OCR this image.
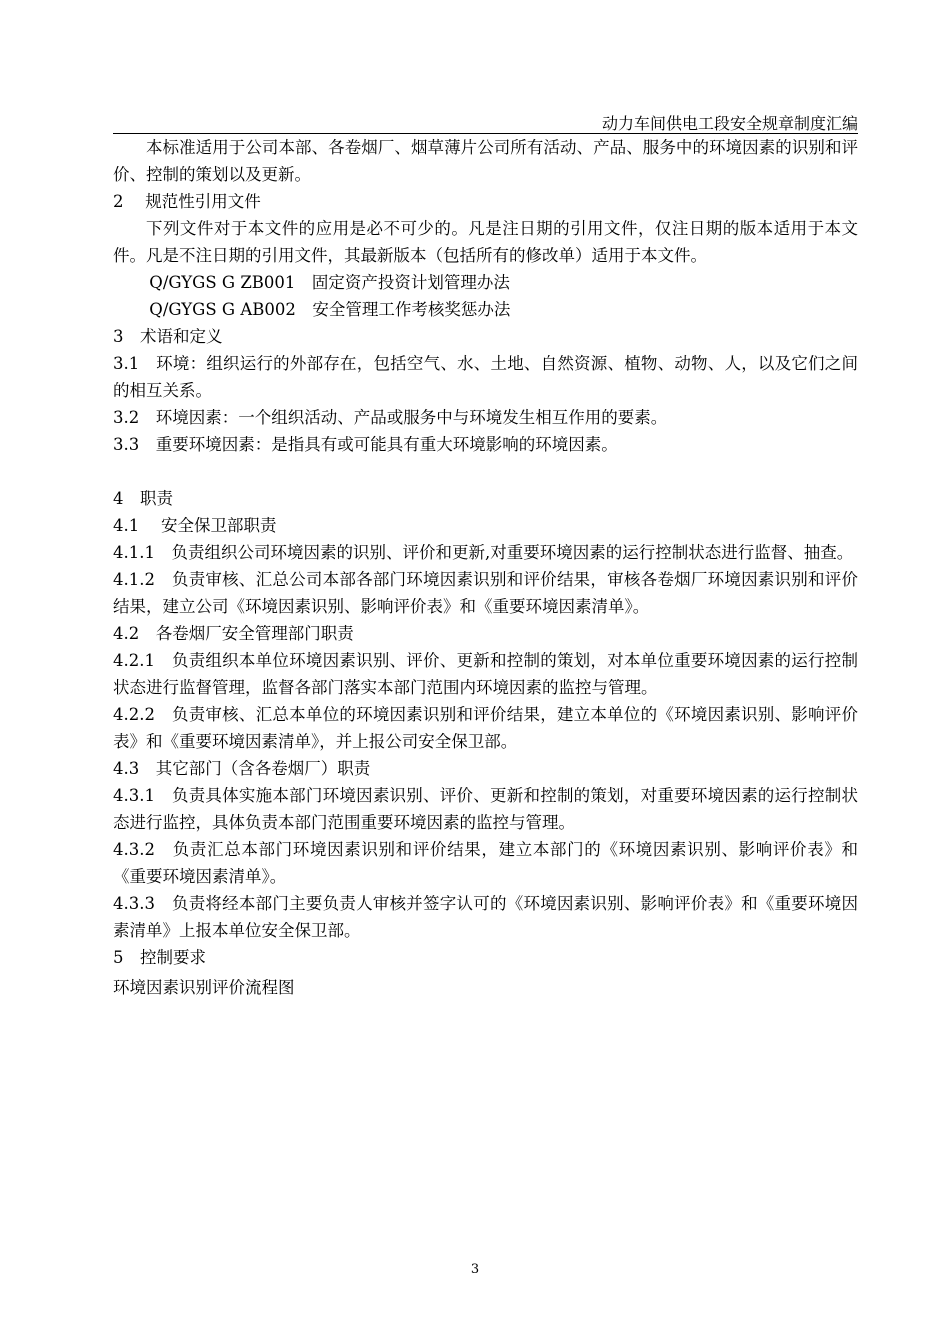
动力车间供电工段安全规章制度汇编

本标准适用于公司本部、各卷烟厂、烟草薄片公司所有活动、产品、服务中的环境因素的识别和评价、控制的策划以及更新。

2　 规范性引用文件

下列文件对于本文件的应用是必不可少的。凡是注日期的引用文件，仅注日期的版本适用于本文件。凡是不注日期的引用文件，其最新版本（包括所有的修改单）适用于本文件。

Q/GYGS G ZB001　固定资产投资计划管理办法

Q/GYGS G AB002　安全管理工作考核奖惩办法

3　术语和定义

3.1　环境：组织运行的外部存在，包括空气、水、土地、自然资源、植物、动物、人，以及它们之间的相互关系。

3.2　环境因素：一个组织活动、产品或服务中与环境发生相互作用的要素。

3.3　重要环境因素：是指具有或可能具有重大环境影响的环境因素。

4　职责

4.1　 安全保卫部职责

4.1.1　负责组织公司环境因素的识别、评价和更新,对重要环境因素的运行控制状态进行监督、抽查。

4.1.2　负责审核、汇总公司本部各部门环境因素识别和评价结果，审核各卷烟厂环境因素识别和评价结果，建立公司《环境因素识别、影响评价表》和《重要环境因素清单》。

4.2　各卷烟厂安全管理部门职责

4.2.1　负责组织本单位环境因素识别、评价、更新和控制的策划，对本单位重要环境因素的运行控制状态进行监督管理，监督各部门落实本部门范围内环境因素的监控与管理。

4.2.2　负责审核、汇总本单位的环境因素识别和评价结果，建立本单位的《环境因素识别、影响评价表》和《重要环境因素清单》，并上报公司安全保卫部。

4.3　其它部门（含各卷烟厂）职责

4.3.1　负责具体实施本部门环境因素识别、评价、更新和控制的策划，对重要环境因素的运行控制状态进行监控，具体负责本部门范围重要环境因素的监控与管理。

4.3.2　负责汇总本部门环境因素识别和评价结果，建立本部门的《环境因素识别、影响评价表》和《重要环境因素清单》。

4.3.3　负责将经本部门主要负责人审核并签字认可的《环境因素识别、影响评价表》和《重要环境因素清单》上报本单位安全保卫部。

5　控制要求

环境因素识别评价流程图

3
